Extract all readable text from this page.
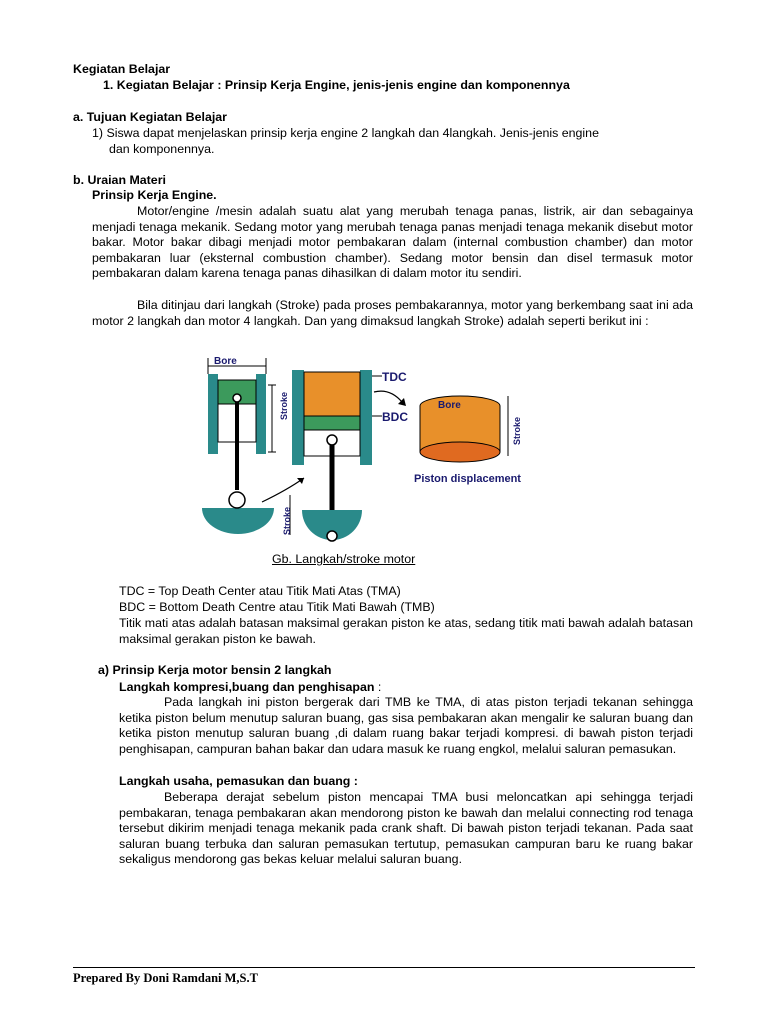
Kegiatan Belajar
1. Kegiatan Belajar : Prinsip Kerja Engine, jenis-jenis engine dan komponennya
a. Tujuan Kegiatan Belajar
1) Siswa dapat menjelaskan prinsip kerja engine 2 langkah dan 4langkah. Jenis-jenis engine
dan komponennya.
b. Uraian Materi
Prinsip Kerja Engine.
Motor/engine /mesin adalah suatu alat yang merubah tenaga panas, listrik, air dan sebagainya menjadi tenaga mekanik. Sedang motor yang merubah tenaga panas menjadi tenaga mekanik disebut motor bakar. Motor bakar dibagi menjadi motor pembakaran dalam (internal combustion chamber) dan motor pembakaran luar (eksternal combustion chamber). Sedang motor bensin dan disel termasuk motor pembakaran dalam karena tenaga panas dihasilkan di dalam motor itu sendiri.
Bila ditinjau dari langkah (Stroke) pada proses pembakarannya, motor yang berkembang saat ini ada motor 2 langkah dan motor 4 langkah. Dan yang dimaksud langkah Stroke) adalah seperti berikut ini :
Bore
Stroke
TDC
BDC
Bore
Stroke
Stroke
Piston displacement
Gb. Langkah/stroke motor
TDC = Top Death Center atau Titik Mati Atas (TMA)
BDC = Bottom Death Centre atau Titik Mati Bawah (TMB)
Titik mati atas adalah batasan maksimal gerakan piston ke atas, sedang titik mati bawah adalah batasan maksimal gerakan piston ke bawah.
a) Prinsip Kerja motor bensin 2 langkah
Langkah kompresi,buang dan penghisapan :
Pada langkah ini piston bergerak dari TMB ke TMA, di atas piston terjadi tekanan sehingga ketika piston belum menutup saluran buang, gas sisa pembakaran akan mengalir ke saluran buang dan ketika piston menutup saluran buang ,di dalam ruang bakar terjadi kompresi. di bawah piston terjadi penghisapan, campuran bahan bakar dan udara masuk ke ruang engkol, melalui saluran pemasukan.
Langkah usaha, pemasukan dan buang :
Beberapa derajat sebelum piston mencapai TMA busi meloncatkan api sehingga terjadi pembakaran, tenaga pembakaran akan mendorong piston ke bawah dan melalui connecting rod tenaga tersebut dikirim menjadi tenaga mekanik pada crank shaft. Di bawah piston terjadi tekanan. Pada saat saluran buang terbuka dan saluran pemasukan tertutup, pemasukan campuran baru ke ruang bakar sekaligus mendorong gas bekas keluar melalui saluran buang.
Prepared By Doni Ramdani M,S.T
